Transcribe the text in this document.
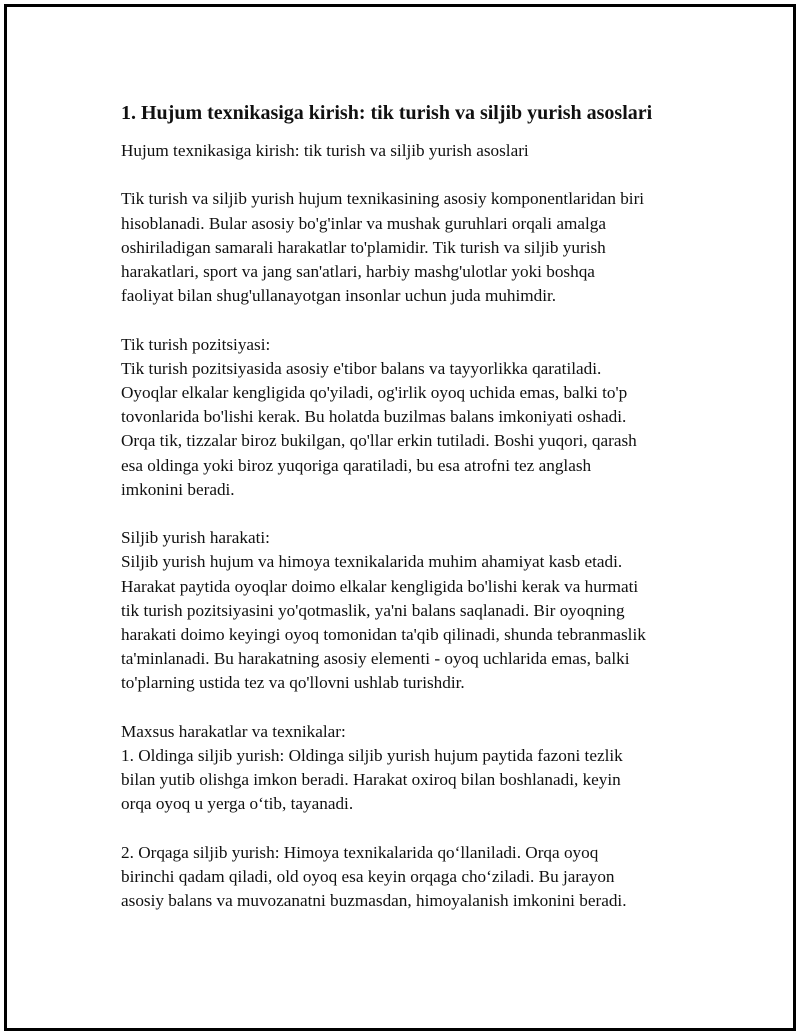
1. Hujum texnikasiga kirish: tik turish va siljib yurish asoslari

Hujum texnikasiga kirish: tik turish va siljib yurish asoslari

Tik turish va siljib yurish hujum texnikasining asosiy komponentlaridan biri
hisoblanadi. Bular asosiy bo'g'inlar va mushak guruhlari orqali amalga
oshiriladigan samarali harakatlar to'plamidir. Tik turish va siljib yurish
harakatlari, sport va jang san'atlari, harbiy mashg'ulotlar yoki boshqa
faoliyat bilan shug'ullanayotgan insonlar uchun juda muhimdir.

Tik turish pozitsiyasi:
Tik turish pozitsiyasida asosiy e'tibor balans va tayyorlikka qaratiladi.
Oyoqlar elkalar kengligida qo'yiladi, og'irlik oyoq uchida emas, balki to'p
tovonlarida bo'lishi kerak. Bu holatda buzilmas balans imkoniyati oshadi.
Orqa tik, tizzalar biroz bukilgan, qo'llar erkin tutiladi. Boshi yuqori, qarash
esa oldinga yoki biroz yuqoriga qaratiladi, bu esa atrofni tez anglash
imkonini beradi.

Siljib yurish harakati:
Siljib yurish hujum va himoya texnikalarida muhim ahamiyat kasb etadi.
Harakat paytida oyoqlar doimo elkalar kengligida bo'lishi kerak va hurmati
tik turish pozitsiyasini yo'qotmaslik, ya'ni balans saqlanadi. Bir oyoqning
harakati doimo keyingi oyoq tomonidan ta'qib qilinadi, shunda tebranmaslik
ta'minlanadi. Bu harakatning asosiy elementi - oyoq uchlarida emas, balki
to'plarning ustida tez va qo'llovni ushlab turishdir.

Maxsus harakatlar va texnikalar:
1. Oldinga siljib yurish: Oldinga siljib yurish hujum paytida fazoni tezlik
bilan yutib olishga imkon beradi. Harakat oxiroq bilan boshlanadi, keyin
orqa oyoq u yerga o‘tib, tayanadi.

2. Orqaga siljib yurish: Himoya texnikalarida qo‘llaniladi. Orqa oyoq
birinchi qadam qiladi, old oyoq esa keyin orqaga cho‘ziladi. Bu jarayon
asosiy balans va muvozanatni buzmasdan, himoyalanish imkonini beradi.
